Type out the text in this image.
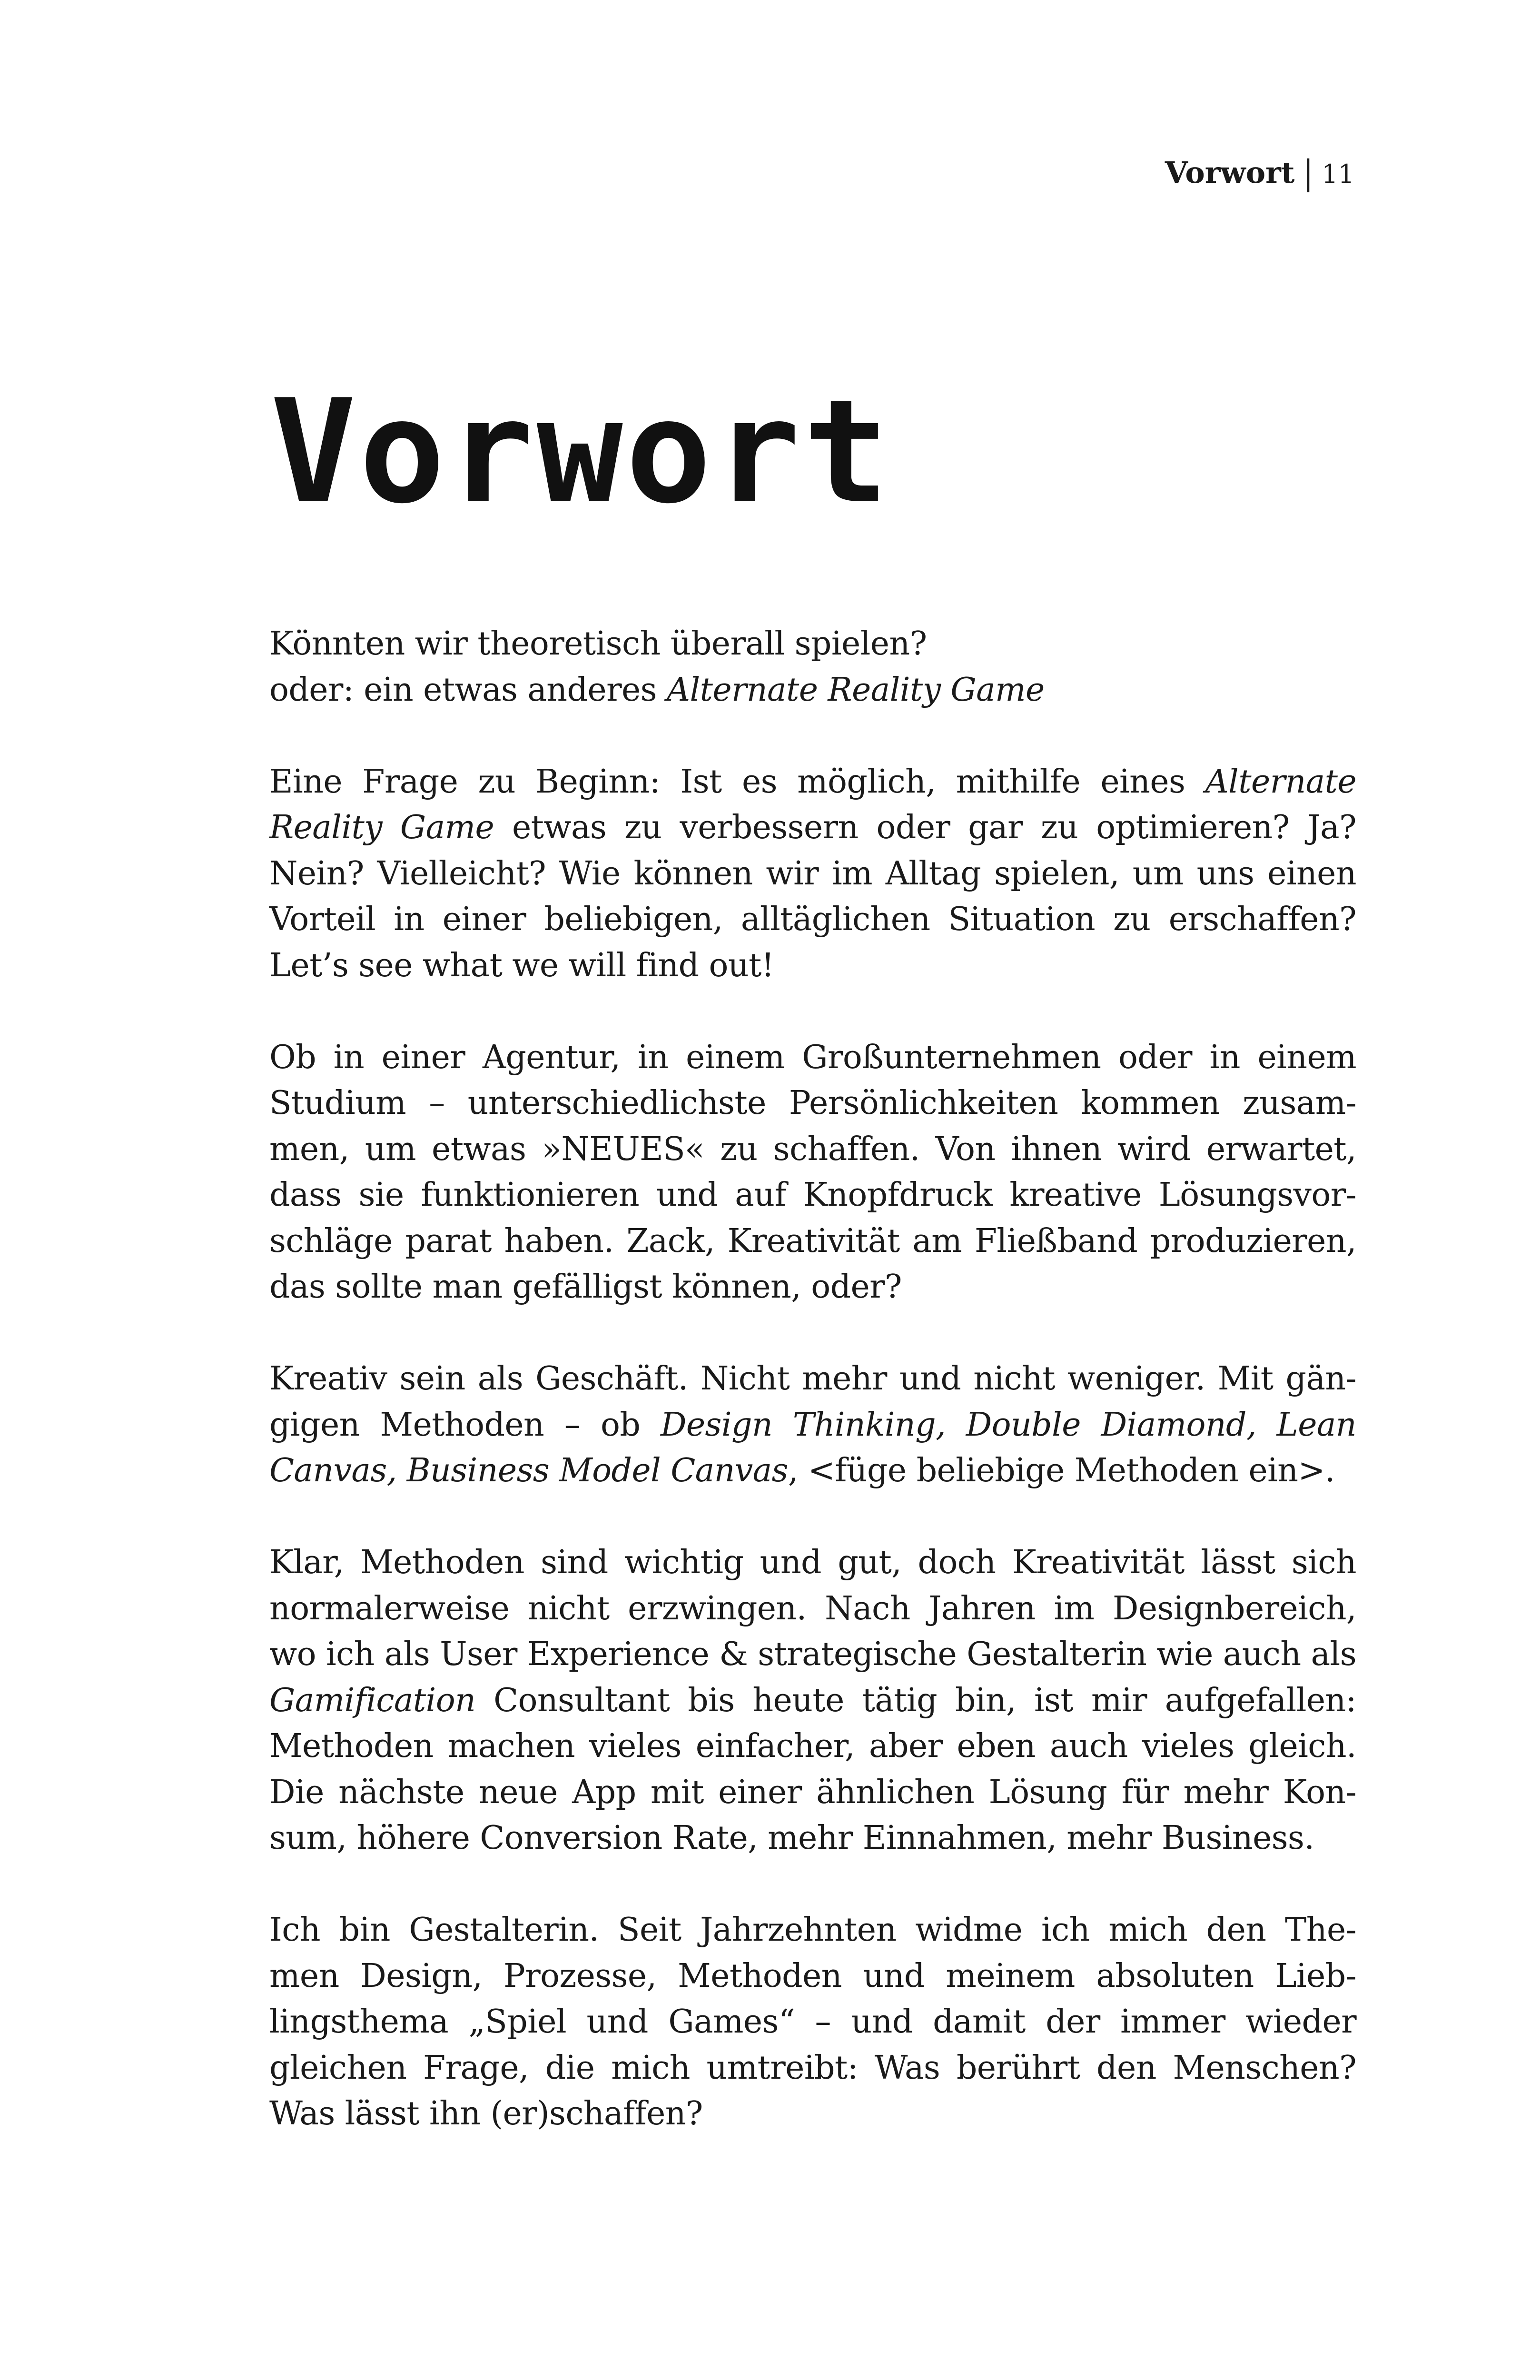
Vorwort | 11
Vorwort

Könnten wir theoretisch überall spielen?
oder: ein etwas anderes Alternate Reality Game

Eine Frage zu Beginn: Ist es möglich, mithilfe eines Alternate
Reality Game etwas zu verbessern oder gar zu optimieren? Ja?
Nein? Vielleicht? Wie können wir im Alltag spielen, um uns einen
Vorteil in einer beliebigen, alltäglichen Situation zu erschaffen?
Let’s see what we will find out!

Ob in einer Agentur, in einem Großunternehmen oder in einem
Studium – unterschiedlichste Persönlichkeiten kommen zusam-
men, um etwas »NEUES« zu schaffen. Von ihnen wird erwartet,
dass sie funktionieren und auf Knopfdruck kreative Lösungsvor-
schläge parat haben. Zack, Kreativität am Fließband produzieren,
das sollte man gefälligst können, oder?

Kreativ sein als Geschäft. Nicht mehr und nicht weniger. Mit gän-
gigen Methoden – ob Design Thinking, Double Diamond, Lean
Canvas, Business Model Canvas, <füge beliebige Methoden ein>.

Klar, Methoden sind wichtig und gut, doch Kreativität lässt sich
normalerweise nicht erzwingen. Nach Jahren im Designbereich,
wo ich als User Experience & strategische Gestalterin wie auch als
Gamification Consultant bis heute tätig bin, ist mir aufgefallen:
Methoden machen vieles einfacher, aber eben auch vieles gleich.
Die nächste neue App mit einer ähnlichen Lösung für mehr Kon-
sum, höhere Conversion Rate, mehr Einnahmen, mehr Business.

Ich bin Gestalterin. Seit Jahrzehnten widme ich mich den The-
men Design, Prozesse, Methoden und meinem absoluten Lieb-
lingsthema „Spiel und Games“ – und damit der immer wieder
gleichen Frage, die mich umtreibt: Was berührt den Menschen?
Was lässt ihn (er)schaffen?
